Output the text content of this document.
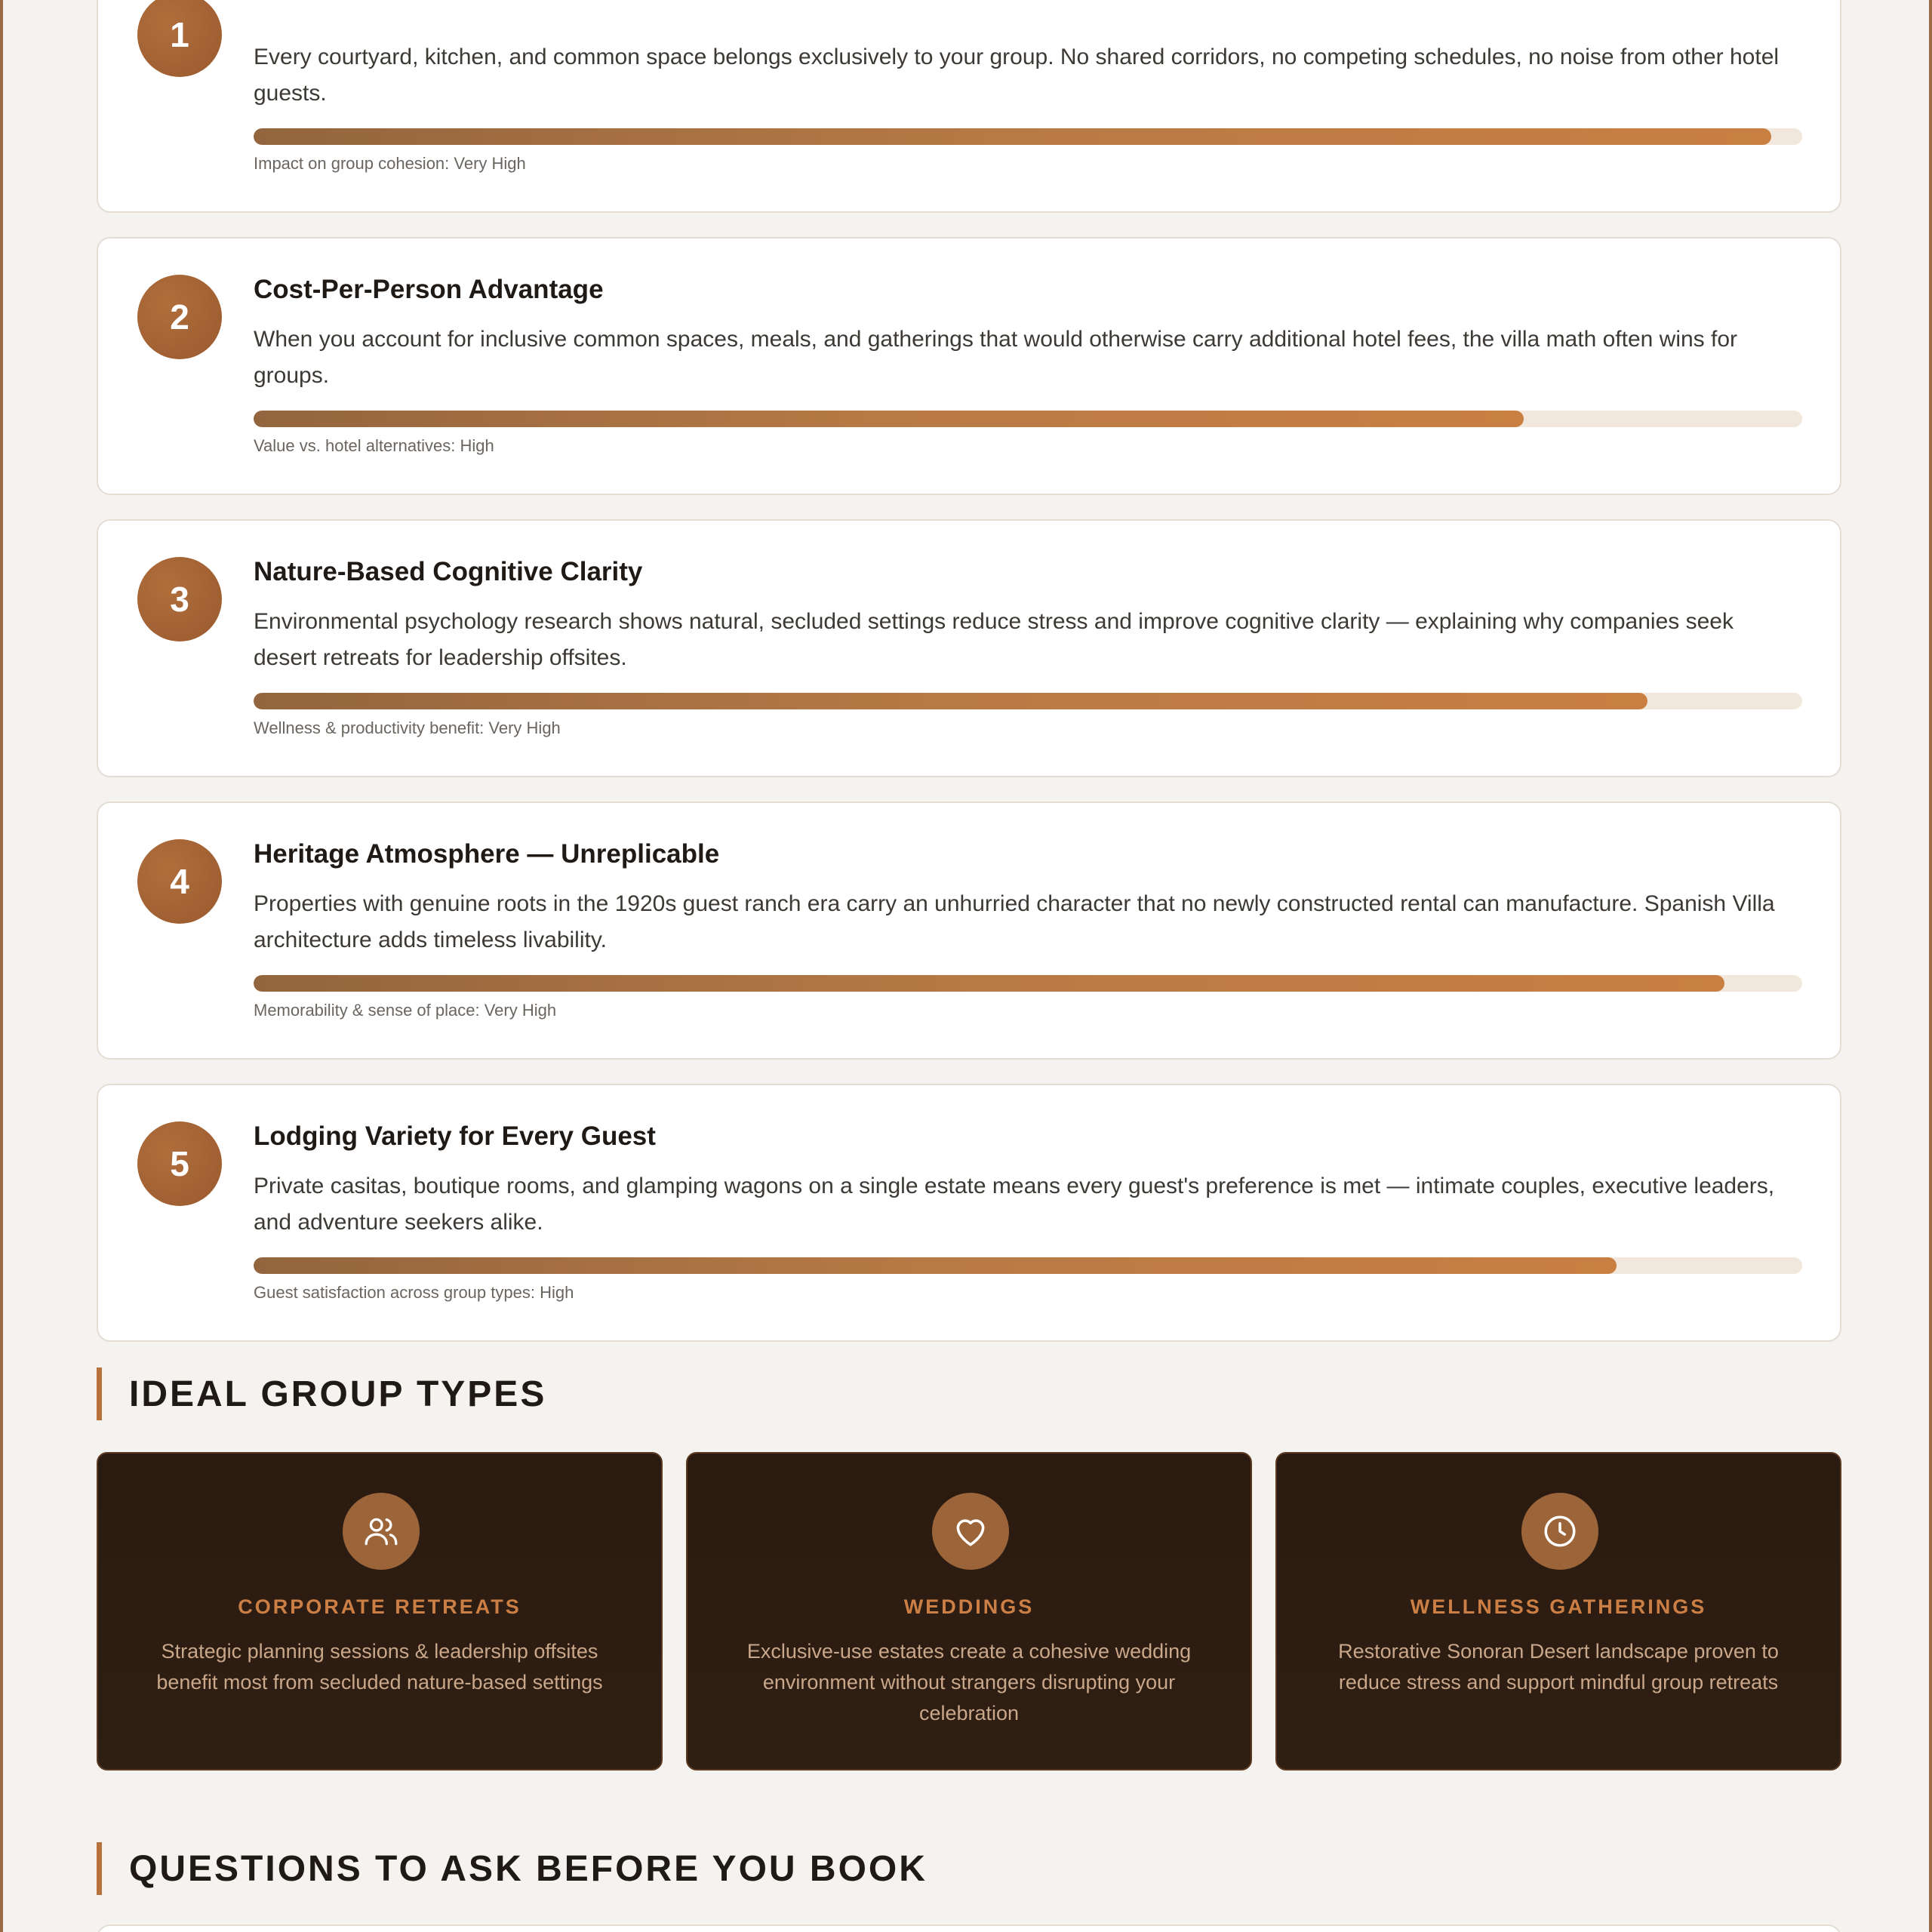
1
Every courtyard, kitchen, and common space belongs exclusively to your group. No shared corridors, no competing schedules, no noise from other hotel guests.
Impact on group cohesion: Very High
2
Cost-Per-Person Advantage
When you account for inclusive common spaces, meals, and gatherings that would otherwise carry additional hotel fees, the villa math often wins for groups.
Value vs. hotel alternatives: High
3
Nature-Based Cognitive Clarity
Environmental psychology research shows natural, secluded settings reduce stress and improve cognitive clarity — explaining why companies seek desert retreats for leadership offsites.
Wellness & productivity benefit: Very High
4
Heritage Atmosphere — Unreplicable
Properties with genuine roots in the 1920s guest ranch era carry an unhurried character that no newly constructed rental can manufacture. Spanish Villa architecture adds timeless livability.
Memorability & sense of place: Very High
5
Lodging Variety for Every Guest
Private casitas, boutique rooms, and glamping wagons on a single estate means every guest's preference is met — intimate couples, executive leaders, and adventure seekers alike.
Guest satisfaction across group types: High
IDEAL GROUP TYPES
CORPORATE RETREATS
Strategic planning sessions & leadership offsites benefit most from secluded nature-based settings
WEDDINGS
Exclusive-use estates create a cohesive wedding environment without strangers disrupting your celebration
WELLNESS GATHERINGS
Restorative Sonoran Desert landscape proven to reduce stress and support mindful group retreats
QUESTIONS TO ASK BEFORE YOU BOOK
